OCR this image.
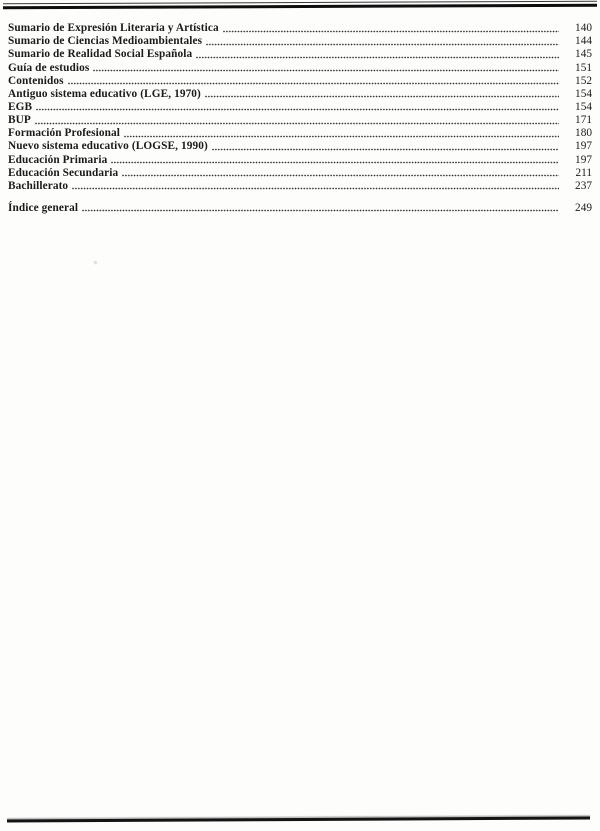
Sumario de Expresión Literaria y Artística	140
Sumario de Ciencias Medioambientales	144
Sumario de Realidad Social Española	145
Guía de estudios	151
Contenidos	152
Antiguo sistema educativo (LGE, 1970)	154
EGB	154
BUP	171
Formación Profesional	180
Nuevo sistema educativo (LOGSE, 1990)	197
Educación Primaria	197
Educación Secundaria	211
Bachillerato	237
Índice general	249
